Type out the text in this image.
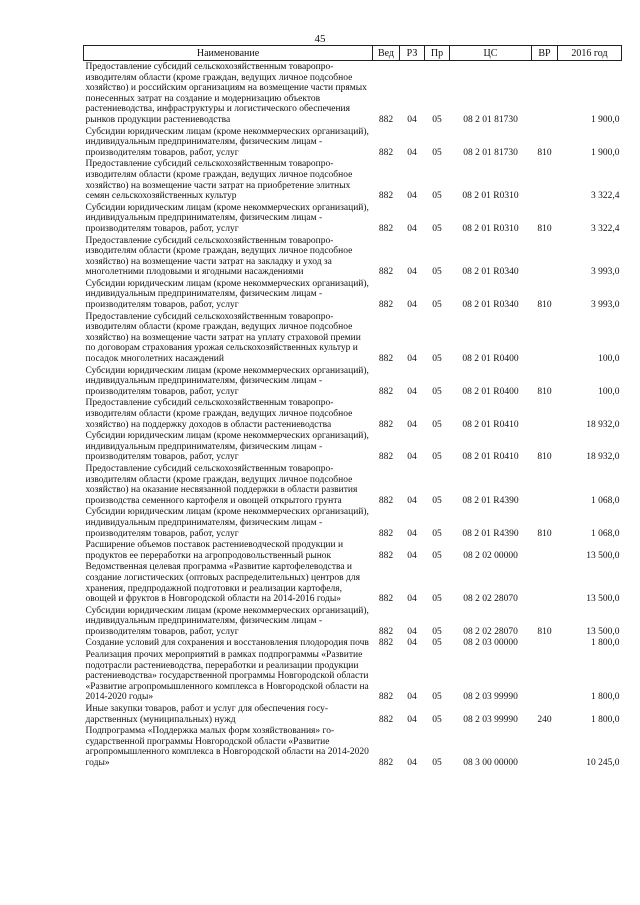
45
Наименование	Вед	РЗ	Пр	ЦС	ВР	2016 год
Предоставление субсидий сельскохозяйственным товаропроизводителям области (кроме граждан, ведущих личное подсобное хозяйство) и российским организациям на возмещение части прямых понесенных затрат на создание и модернизацию объектов растениеводства, инфраструктуры и логистического обеспечения рынков продукции растениеводства	882	04	05	08 2 01 81730		1 900,0
Субсидии юридическим лицам (кроме некоммерческих организаций), индивидуальным предпринимателям, физическим лицам - производителям товаров, работ, услуг	882	04	05	08 2 01 81730	810	1 900,0
Предоставление субсидий сельскохозяйственным товаропроизводителям области (кроме граждан, ведущих личное подсобное хозяйство) на возмещение части затрат на приобретение элитных семян сельскохозяйственных культур	882	04	05	08 2 01 R0310		3 322,4
Субсидии юридическим лицам (кроме некоммерческих организаций), индивидуальным предпринимателям, физическим лицам - производителям товаров, работ, услуг	882	04	05	08 2 01 R0310	810	3 322,4
Предоставление субсидий сельскохозяйственным товаропроизводителям области (кроме граждан, ведущих личное подсобное хозяйство) на возмещение части затрат на закладку и уход за многолетними плодовыми и ягодными насаждениями	882	04	05	08 2 01 R0340		3 993,0
Субсидии юридическим лицам (кроме некоммерческих организаций), индивидуальным предпринимателям, физическим лицам - производителям товаров, работ, услуг	882	04	05	08 2 01 R0340	810	3 993,0
Предоставление субсидий сельскохозяйственным товаропроизводителям области (кроме граждан, ведущих личное подсобное хозяйство) на возмещение части затрат на уплату страховой премии по договорам страхования урожая сельскохозяйственных культур и посадок многолетних насаждений	882	04	05	08 2 01 R0400		100,0
Субсидии юридическим лицам (кроме некоммерческих организаций), индивидуальным предпринимателям, физическим лицам - производителям товаров, работ, услуг	882	04	05	08 2 01 R0400	810	100,0
Предоставление субсидий сельскохозяйственным товаропроизводителям области (кроме граждан, ведущих личное подсобное хозяйство) на поддержку доходов в области растениеводства	882	04	05	08 2 01 R0410		18 932,0
Субсидии юридическим лицам (кроме некоммерческих организаций), индивидуальным предпринимателям, физическим лицам - производителям товаров, работ, услуг	882	04	05	08 2 01 R0410	810	18 932,0
Предоставление субсидий сельскохозяйственным товаропроизводителям области (кроме граждан, ведущих личное подсобное хозяйство) на оказание несвязанной поддержки в области развития производства семенного картофеля и овощей открытого грунта	882	04	05	08 2 01 R4390		1 068,0
Субсидии юридическим лицам (кроме некоммерческих организаций), индивидуальным предпринимателям, физическим лицам - производителям товаров, работ, услуг	882	04	05	08 2 01 R4390	810	1 068,0
Расширение объемов поставок растениеводческой продукции и продуктов ее переработки на агропродовольственный рынок	882	04	05	08 2 02 00000		13 500,0
Ведомственная целевая программа «Развитие картофелеводства и создание логистических (оптовых распределительных) центров для хранения, предпродажной подготовки и реализации картофеля, овощей и фруктов в Новгородской области на 2014-2016 годы»	882	04	05	08 2 02 28070		13 500,0
Субсидии юридическим лицам (кроме некоммерческих организаций), индивидуальным предпринимателям, физическим лицам - производителям товаров, работ, услуг	882	04	05	08 2 02 28070	810	13 500,0
Создание условий для сохранения и восстановления плодородия почв	882	04	05	08 2 03 00000		1 800,0
Реализация прочих мероприятий в рамках подпрограммы «Развитие подотрасли растениеводства, переработки и реализации продукции растениеводства» государственной программы Новгородской области «Развитие агропромышленного комплекса в Новгородской области на 2014-2020 годы»	882	04	05	08 2 03 99990		1 800,0
Иные закупки товаров, работ и услуг для обеспечения государственных (муниципальных) нужд	882	04	05	08 2 03 99990	240	1 800,0
Подпрограмма «Поддержка малых форм хозяйствования» государственной программы Новгородской области «Развитие агропромышленного комплекса в Новгородской области на 2014-2020 годы»	882	04	05	08 3 00 00000		10 245,0
